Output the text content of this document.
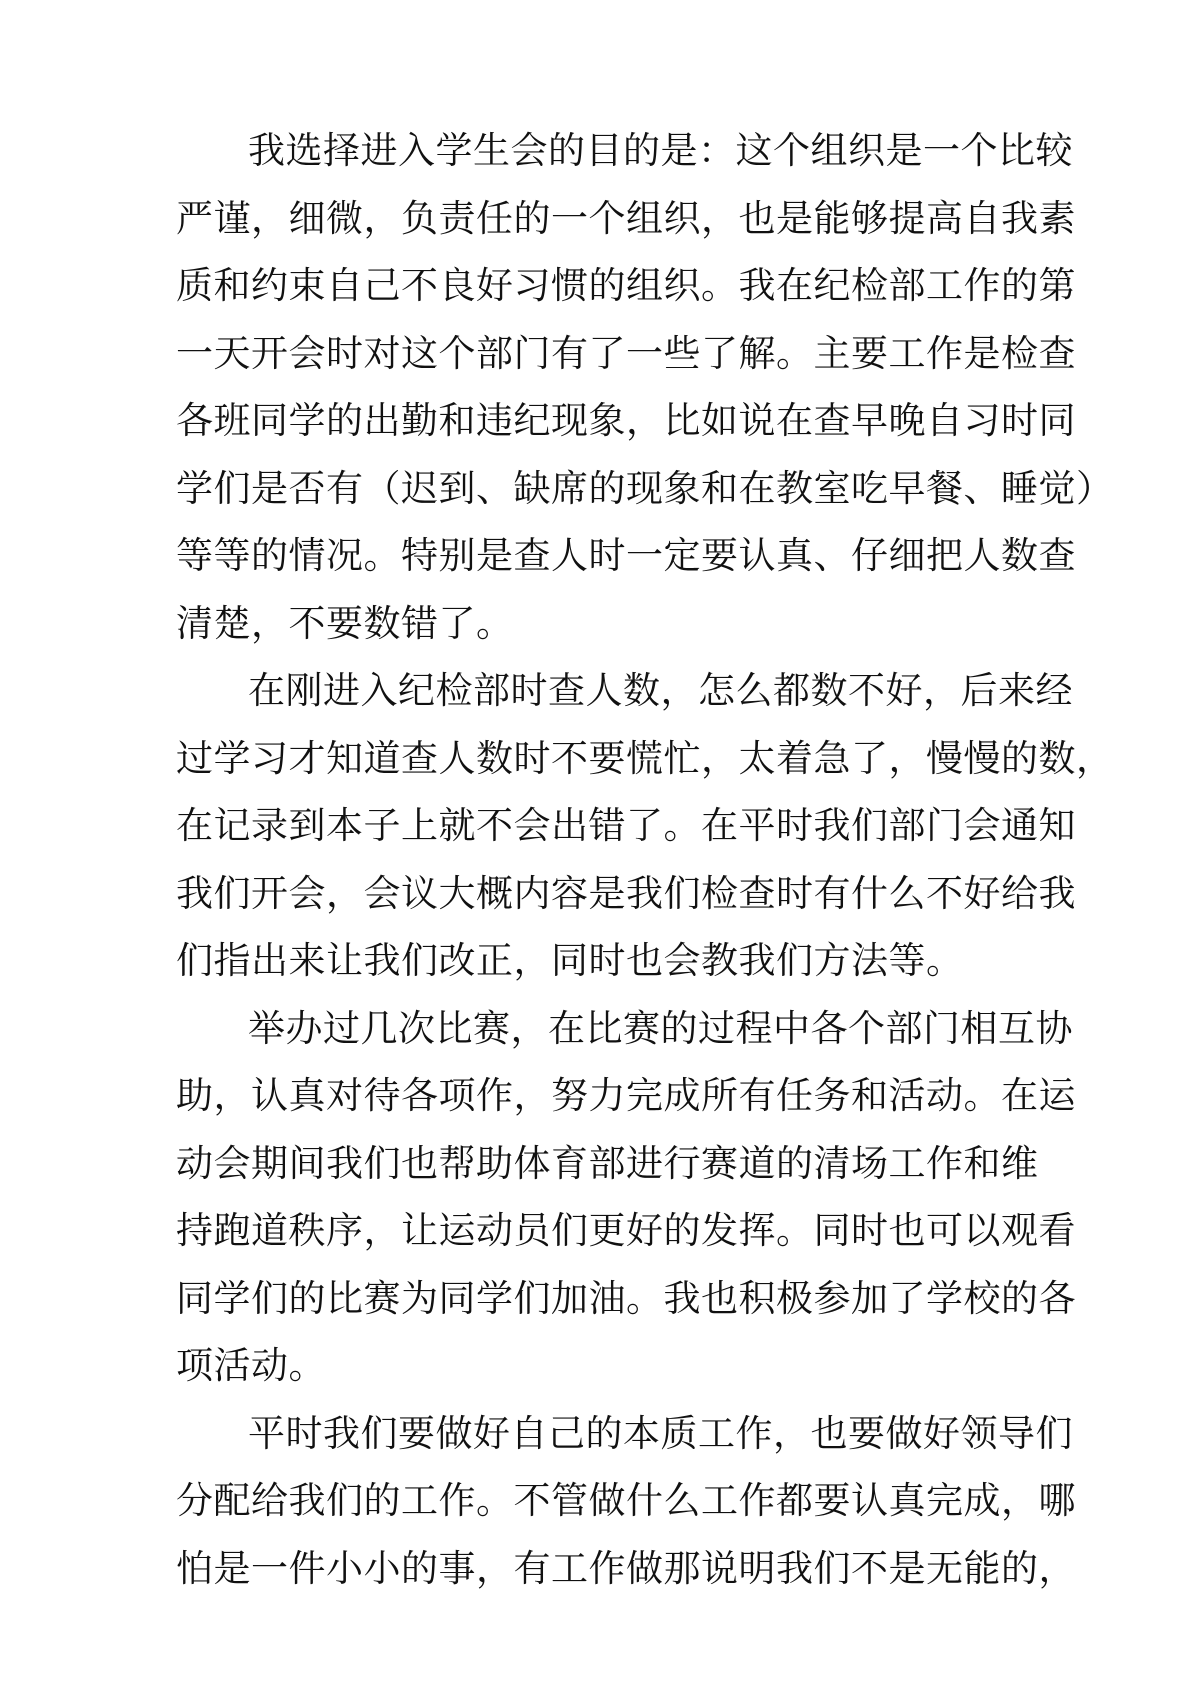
我选择进入学生会的目的是：这个组织是一个比较
严谨，细微，负责任的一个组织，也是能够提高自我素
质和约束自己不良好习惯的组织。我在纪检部工作的第
一天开会时对这个部门有了一些了解。主要工作是检查
各班同学的出勤和违纪现象，比如说在查早晚自习时同
学们是否有（迟到、缺席的现象和在教室吃早餐、睡觉）
等等的情况。特别是查人时一定要认真、仔细把人数查
清楚，不要数错了。

在刚进入纪检部时查人数，怎么都数不好，后来经
过学习才知道查人数时不要慌忙，太着急了，慢慢的数，
在记录到本子上就不会出错了。在平时我们部门会通知
我们开会，会议大概内容是我们检查时有什么不好给我
们指出来让我们改正，同时也会教我们方法等。

举办过几次比赛，在比赛的过程中各个部门相互协
助，认真对待各项作，努力完成所有任务和活动。在运
动会期间我们也帮助体育部进行赛道的清场工作和维
持跑道秩序，让运动员们更好的发挥。同时也可以观看
同学们的比赛为同学们加油。我也积极参加了学校的各
项活动。

平时我们要做好自己的本质工作，也要做好领导们
分配给我们的工作。不管做什么工作都要认真完成，哪
怕是一件小小的事，有工作做那说明我们不是无能的，
